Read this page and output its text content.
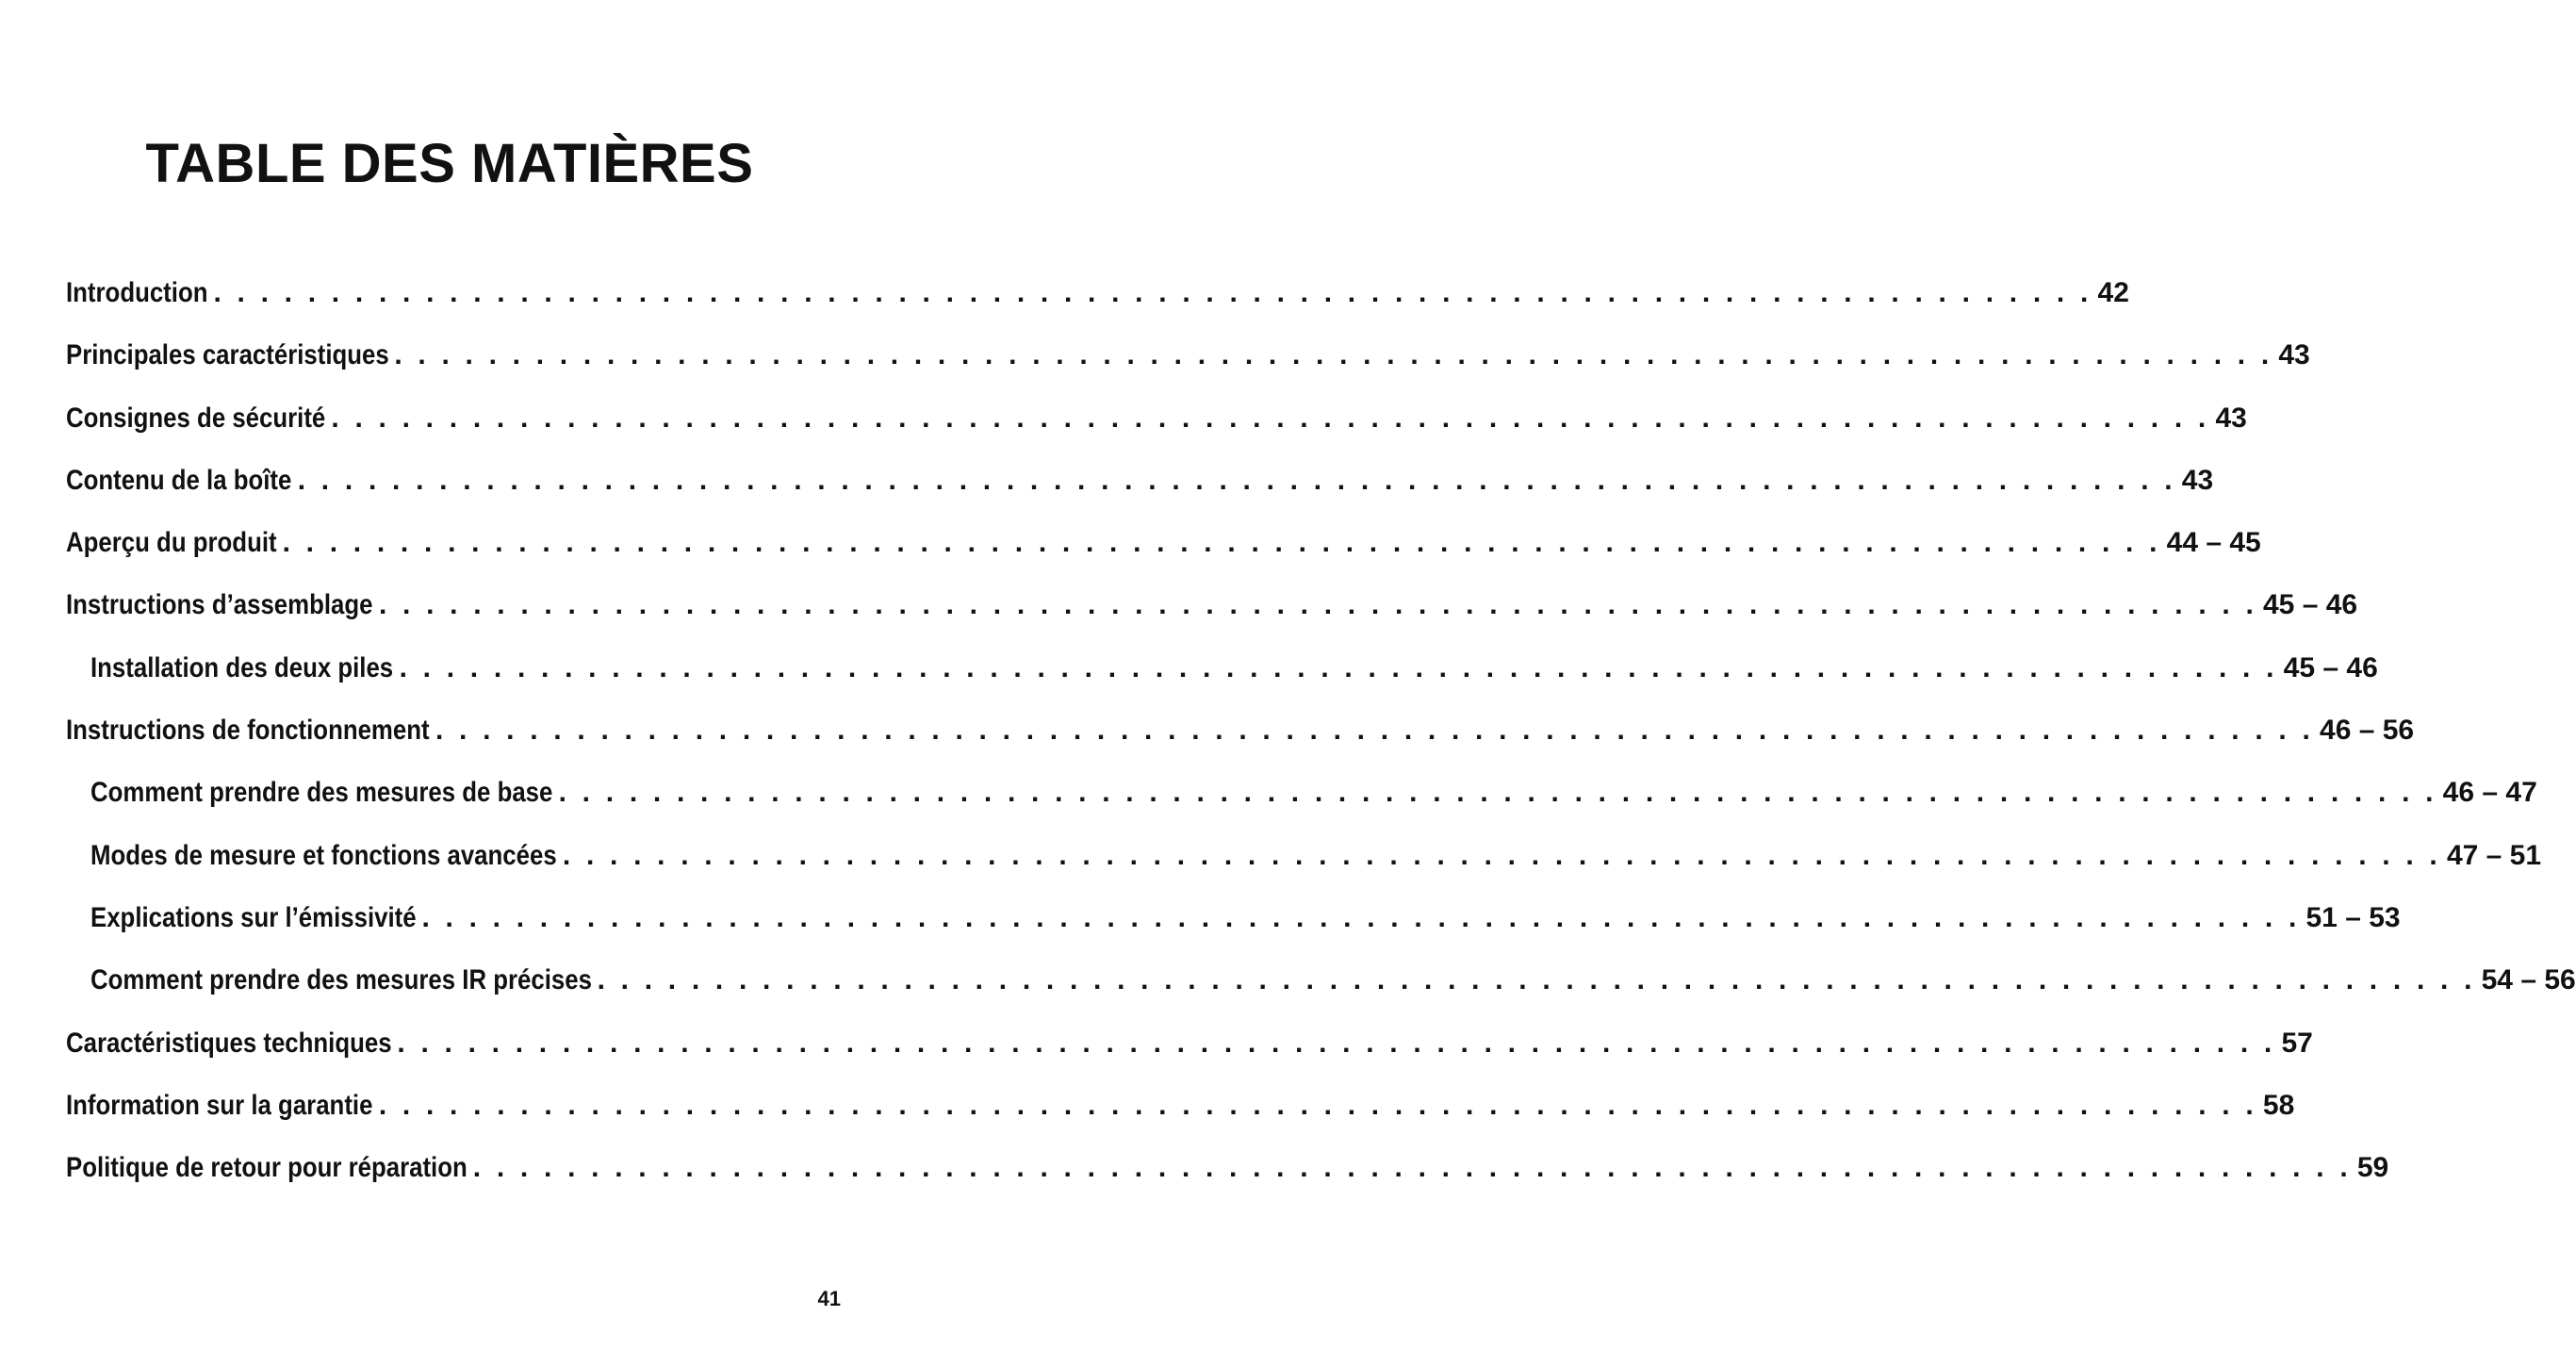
TABLE DES MATIÈRES
Introduction . . . . . . . . . . . . . . . . . . . . . . . . . . . . . . . . . . . . . . . . . . . . . . . . . . . . . . . . . . . . . . . . . . . . . . . . . . . . . . . . 42
Principales caractéristiques . . . . . . . . . . . . . . . . . . . . . . . . . . . . . . . . . . . . . . . . . . . . . . . . . . . . . . . . . . . . . . . . . . . . . . . . . . . . . . . . 43
Consignes de sécurité . . . . . . . . . . . . . . . . . . . . . . . . . . . . . . . . . . . . . . . . . . . . . . . . . . . . . . . . . . . . . . . . . . . . . . . . . . . . . . . . 43
Contenu de la boîte . . . . . . . . . . . . . . . . . . . . . . . . . . . . . . . . . . . . . . . . . . . . . . . . . . . . . . . . . . . . . . . . . . . . . . . . . . . . . . . . 43
Aperçu du produit . . . . . . . . . . . . . . . . . . . . . . . . . . . . . . . . . . . . . . . . . . . . . . . . . . . . . . . . . . . . . . . . . . . . . . . . . . . . . . . . 44 – 45
Instructions d’assemblage . . . . . . . . . . . . . . . . . . . . . . . . . . . . . . . . . . . . . . . . . . . . . . . . . . . . . . . . . . . . . . . . . . . . . . . . . . . . . . . . 45 – 46
Installation des deux piles . . . . . . . . . . . . . . . . . . . . . . . . . . . . . . . . . . . . . . . . . . . . . . . . . . . . . . . . . . . . . . . . . . . . . . . . . . . . . . . . 45 – 46
Instructions de fonctionnement . . . . . . . . . . . . . . . . . . . . . . . . . . . . . . . . . . . . . . . . . . . . . . . . . . . . . . . . . . . . . . . . . . . . . . . . . . . . . . . . 46 – 56
Comment prendre des mesures de base . . . . . . . . . . . . . . . . . . . . . . . . . . . . . . . . . . . . . . . . . . . . . . . . . . . . . . . . . . . . . . . . . . . . . . . . . . . . . . . . 46 – 47
Modes de mesure et fonctions avancées . . . . . . . . . . . . . . . . . . . . . . . . . . . . . . . . . . . . . . . . . . . . . . . . . . . . . . . . . . . . . . . . . . . . . . . . . . . . . . . . 47 – 51
Explications sur l’émissivité . . . . . . . . . . . . . . . . . . . . . . . . . . . . . . . . . . . . . . . . . . . . . . . . . . . . . . . . . . . . . . . . . . . . . . . . . . . . . . . . 51 – 53
Comment prendre des mesures IR précises . . . . . . . . . . . . . . . . . . . . . . . . . . . . . . . . . . . . . . . . . . . . . . . . . . . . . . . . . . . . . . . . . . . . . . . . . . . . . . . . 54 – 56
Caractéristiques techniques . . . . . . . . . . . . . . . . . . . . . . . . . . . . . . . . . . . . . . . . . . . . . . . . . . . . . . . . . . . . . . . . . . . . . . . . . . . . . . . . 57
Information sur la garantie . . . . . . . . . . . . . . . . . . . . . . . . . . . . . . . . . . . . . . . . . . . . . . . . . . . . . . . . . . . . . . . . . . . . . . . . . . . . . . . . 58
Politique de retour pour réparation . . . . . . . . . . . . . . . . . . . . . . . . . . . . . . . . . . . . . . . . . . . . . . . . . . . . . . . . . . . . . . . . . . . . . . . . . . . . . . . . 59
41
